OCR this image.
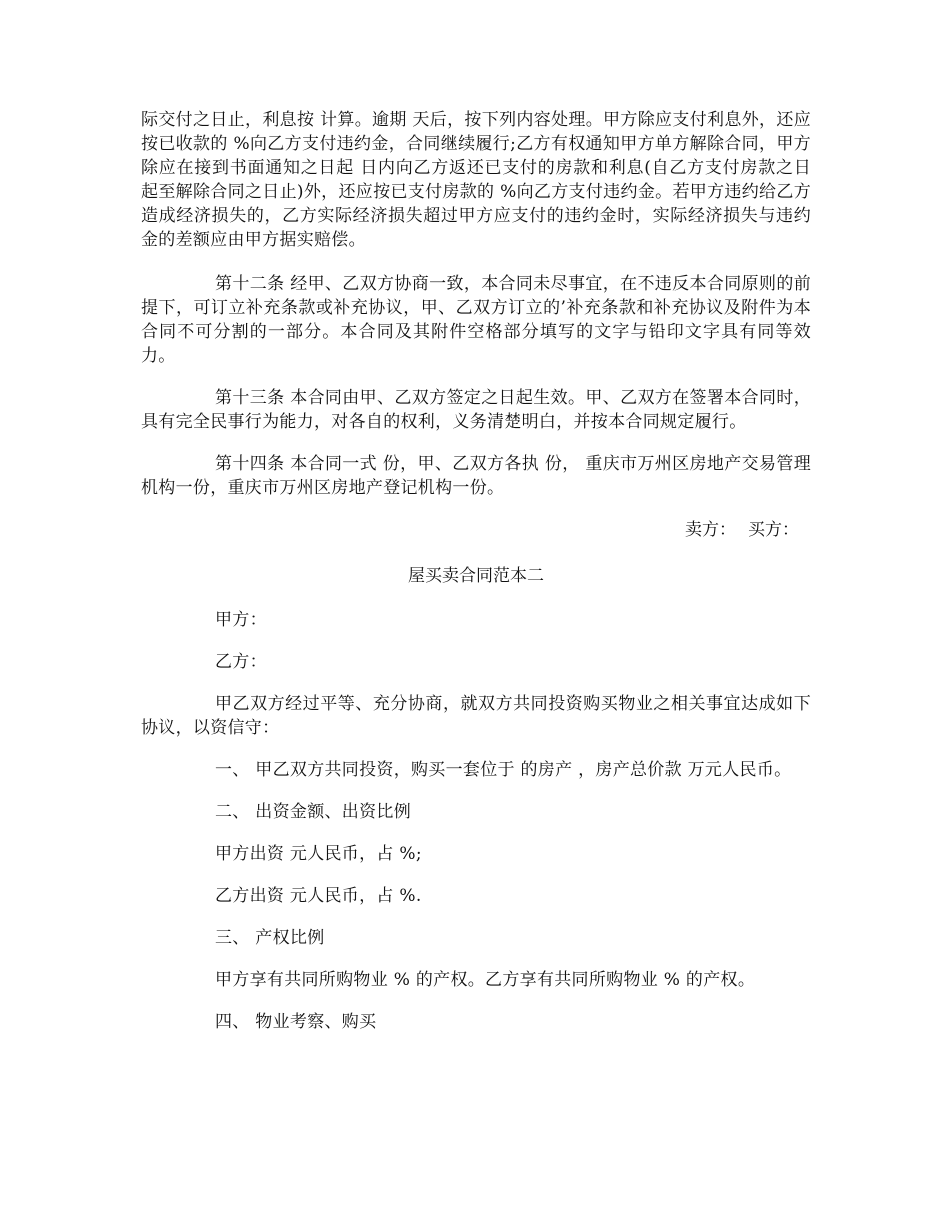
际交付之日止，利息按 计算。逾期 天后，按下列内容处理。甲方除应支付利息外，还应按已收款的 %向乙方支付违约金，合同继续履行;乙方有权通知甲方单方解除合同，甲方除应在接到书面通知之日起 日内向乙方返还已支付的房款和利息(自乙方支付房款之日起至解除合同之日止)外，还应按已支付房款的 %向乙方支付违约金。若甲方违约给乙方造成经济损失的，乙方实际经济损失超过甲方应支付的违约金时，实际经济损失与违约金的差额应由甲方据实赔偿。

第十二条 经甲、乙双方协商一致，本合同未尽事宜，在不违反本合同原则的前提下，可订立补充条款或补充协议，甲、乙双方订立的’补充条款和补充协议及附件为本合同不可分割的一部分。本合同及其附件空格部分填写的文字与铅印文字具有同等效力。

第十三条 本合同由甲、乙双方签定之日起生效。甲、乙双方在签署本合同时，具有完全民事行为能力，对各自的权利，义务清楚明白，并按本合同规定履行。

第十四条 本合同一式 份，甲、乙双方各执 份， 重庆市万州区房地产交易管理机构一份，重庆市万州区房地产登记机构一份。

卖方： 买方：
屋买卖合同范本二
甲方：
乙方：

甲乙双方经过平等、充分协商，就双方共同投资购买物业之相关事宜达成如下协议，以资信守：

一、 甲乙双方共同投资，购买一套位于 的房产 ，房产总价款 万元人民币。

二、 出资金额、出资比例
甲方出资 元人民币，占 %;
乙方出资 元人民币，占 %.
三、 产权比例
甲方享有共同所购物业 % 的产权。乙方享有共同所购物业 % 的产权。
四、 物业考察、购买
